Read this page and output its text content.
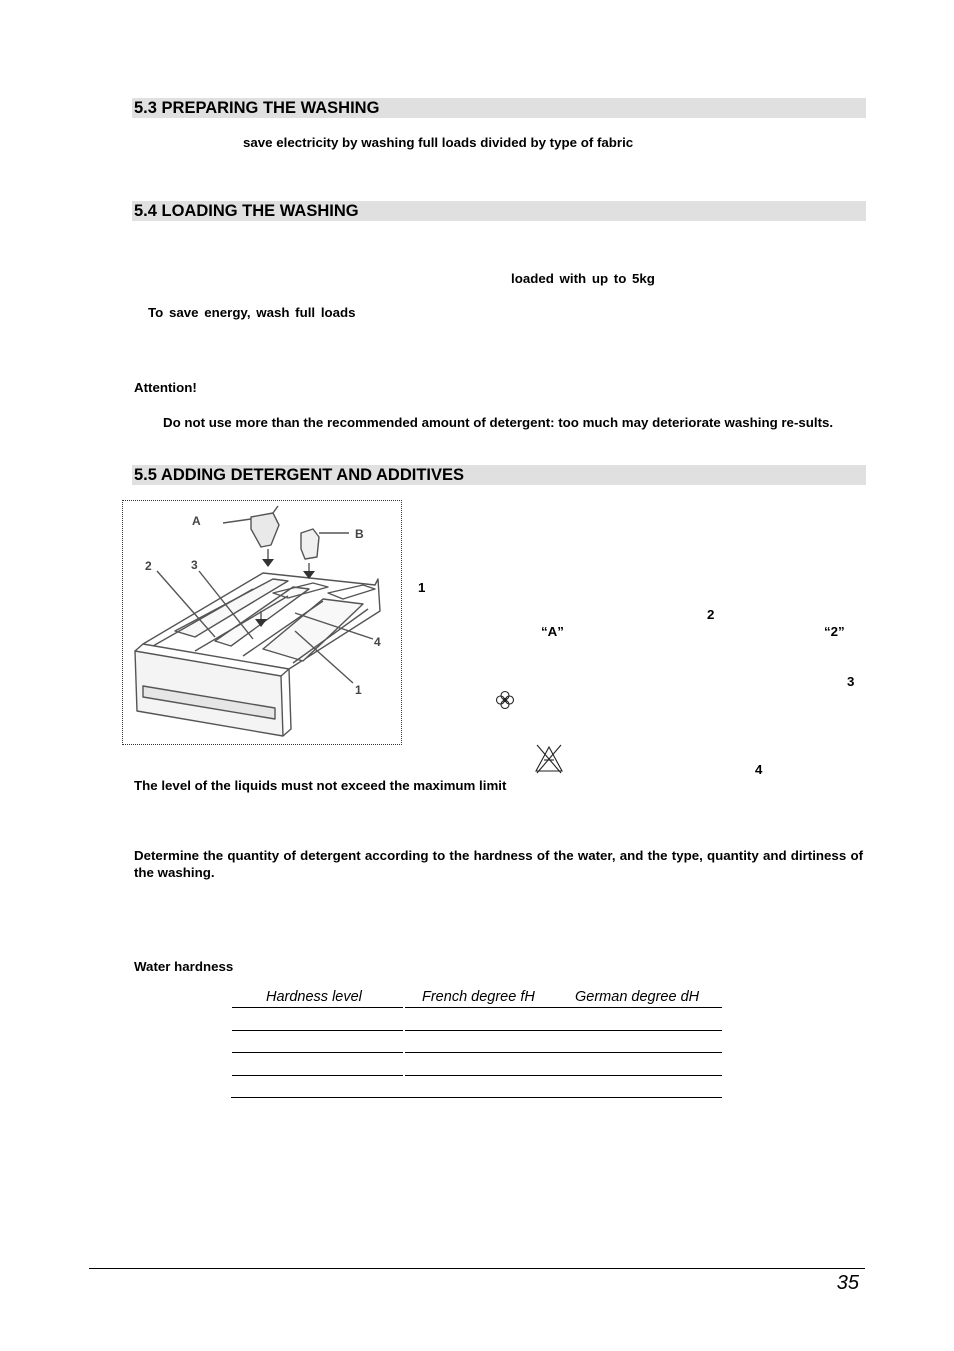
5.3 PREPARING THE WASHING
save electricity by washing full loads divided by type of fabric
5.4 LOADING THE WASHING
loaded with up to 5kg
To save energy, wash full loads
Attention!
Do not use more than the recommended amount of detergent: too much may deteriorate washing re-sults.
5.5 ADDING DETERGENT AND ADDITIVES
A
B
2	3
4
1
1
2
“A”	“2”
3
4
The level of the liquids must not exceed the maximum limit
Determine the quantity of detergent according to the hardness of the water, and the type, quantity and dirtiness of the washing.
Water hardness
Hardness level	French degree fH	German degree dH
35
